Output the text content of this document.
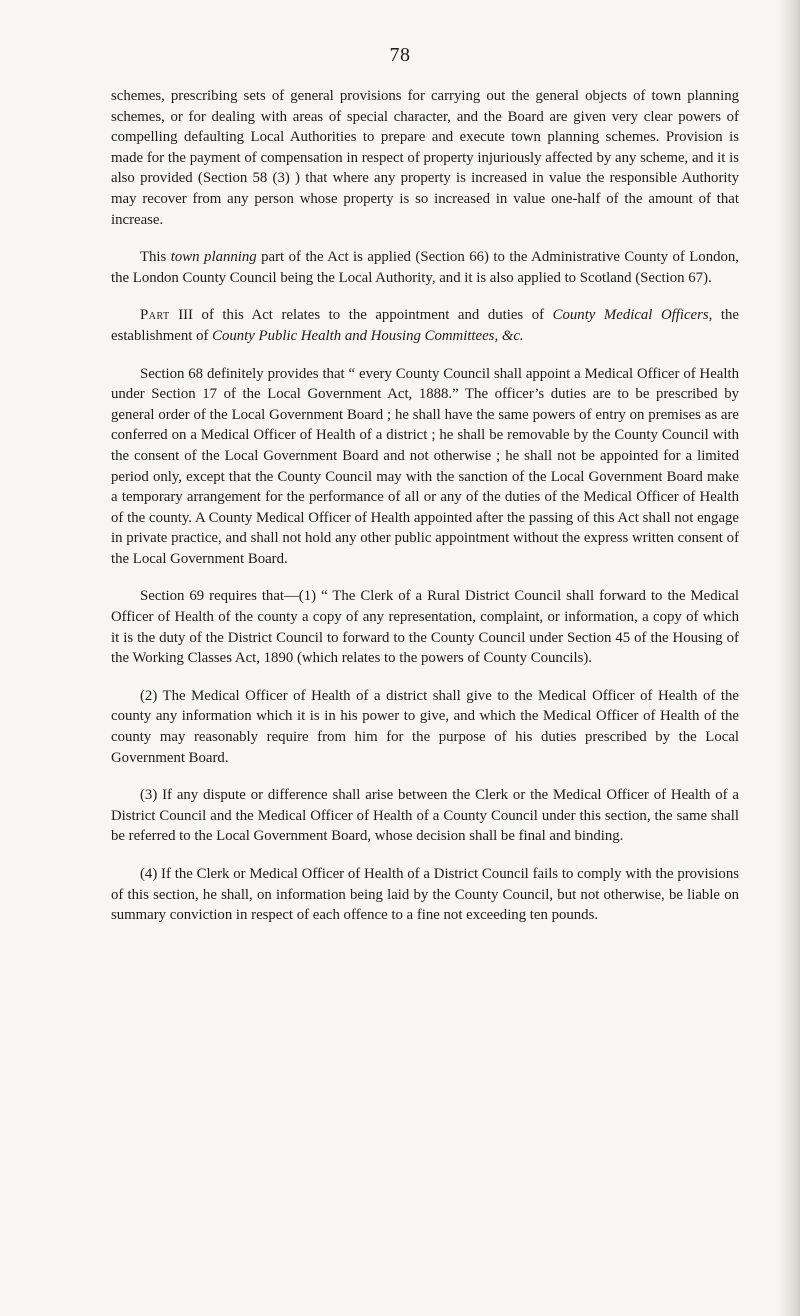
78

schemes, prescribing sets of general provisions for carrying out the general objects of town planning schemes, or for dealing with areas of special character, and the Board are given very clear powers of compelling defaulting Local Authorities to prepare and execute town planning schemes. Provision is made for the payment of compensation in respect of property injuriously affected by any scheme, and it is also provided (Section 58 (3) ) that where any property is increased in value the responsible Authority may recover from any person whose property is so increased in value one-half of the amount of that increase.

This town planning part of the Act is applied (Section 66) to the Administrative County of London, the London County Council being the Local Authority, and it is also applied to Scotland (Section 67).

Part III of this Act relates to the appointment and duties of County Medical Officers, the establishment of County Public Health and Housing Committees, &c.

Section 68 definitely provides that “ every County Council shall appoint a Medical Officer of Health under Section 17 of the Local Government Act, 1888.” The officer’s duties are to be prescribed by general order of the Local Government Board ; he shall have the same powers of entry on premises as are conferred on a Medical Officer of Health of a district ; he shall be removable by the County Council with the consent of the Local Government Board and not otherwise ; he shall not be appointed for a limited period only, except that the County Council may with the sanction of the Local Government Board make a temporary arrangement for the performance of all or any of the duties of the Medical Officer of Health of the county. A County Medical Officer of Health appointed after the passing of this Act shall not engage in private practice, and shall not hold any other public appointment without the express written consent of the Local Government Board.

Section 69 requires that—(1) “ The Clerk of a Rural District Council shall forward to the Medical Officer of Health of the county a copy of any representation, complaint, or information, a copy of which it is the duty of the District Council to forward to the County Council under Section 45 of the Housing of the Working Classes Act, 1890 (which relates to the powers of County Councils).

(2) The Medical Officer of Health of a district shall give to the Medical Officer of Health of the county any information which it is in his power to give, and which the Medical Officer of Health of the county may reasonably require from him for the purpose of his duties prescribed by the Local Government Board.

(3) If any dispute or difference shall arise between the Clerk or the Medical Officer of Health of a District Council and the Medical Officer of Health of a County Council under this section, the same shall be referred to the Local Government Board, whose decision shall be final and binding.

(4) If the Clerk or Medical Officer of Health of a District Council fails to comply with the provisions of this section, he shall, on information being laid by the County Council, but not otherwise, be liable on summary conviction in respect of each offence to a fine not exceeding ten pounds.
